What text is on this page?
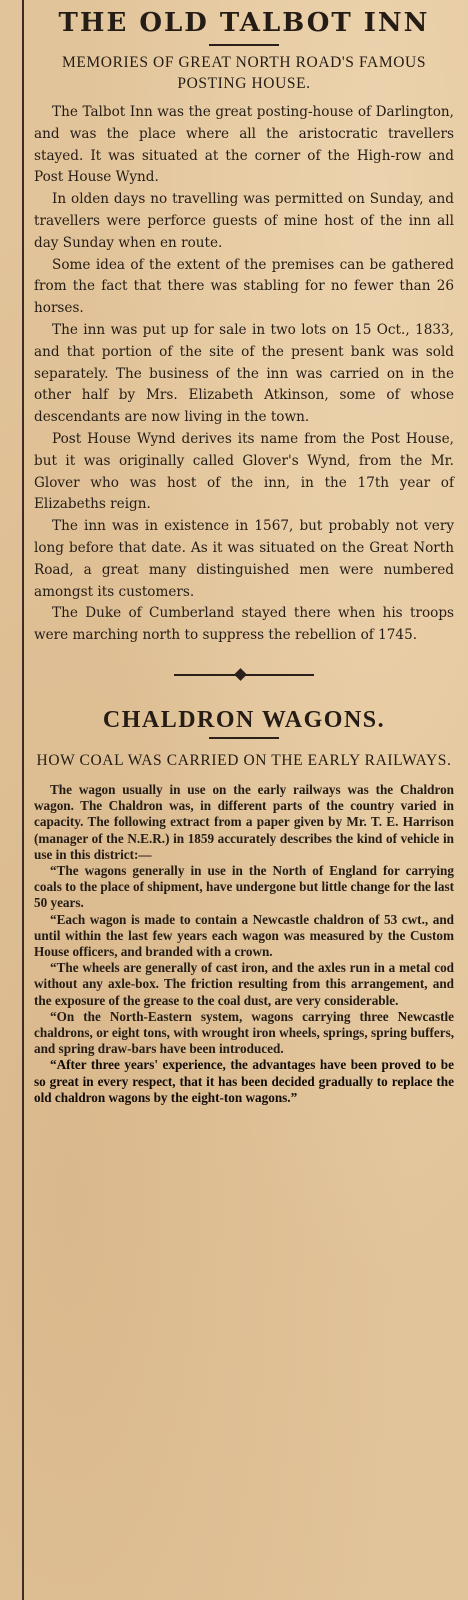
THE OLD TALBOT INN
MEMORIES OF GREAT NORTH ROAD'S FAMOUS POSTING HOUSE.

The Talbot Inn was the great posting-house of Darlington, and was the place where all the aristocratic travellers stayed. It was situated at the corner of the High-row and Post House Wynd.

In olden days no travelling was permitted on Sunday, and travellers were perforce guests of mine host of the inn all day Sunday when en route.

Some idea of the extent of the premises can be gathered from the fact that there was stabling for no fewer than 26 horses.

The inn was put up for sale in two lots on 15 Oct., 1833, and that portion of the site of the present bank was sold separately. The business of the inn was carried on in the other half by Mrs. Elizabeth Atkinson, some of whose descendants are now living in the town.

Post House Wynd derives its name from the Post House, but it was originally called Glover's Wynd, from the Mr. Glover who was host of the inn, in the 17th year of Elizabeths reign.

The inn was in existence in 1567, but probably not very long before that date. As it was situated on the Great North Road, a great many distinguished men were numbered amongst its customers.

The Duke of Cumberland stayed there when his troops were marching north to suppress the rebellion of 1745.

CHALDRON WAGONS.
HOW COAL WAS CARRIED ON THE EARLY RAILWAYS.

The wagon usually in use on the early railways was the Chaldron wagon. The Chaldron was, in different parts of the country varied in capacity. The following extract from a paper given by Mr. T. E. Harrison (manager of the N.E.R.) in 1859 accurately describes the kind of vehicle in use in this district:—

“The wagons generally in use in the North of England for carrying coals to the place of shipment, have undergone but little change for the last 50 years.

“Each wagon is made to contain a Newcastle chaldron of 53 cwt., and until within the last few years each wagon was measured by the Custom House officers, and branded with a crown.

“The wheels are generally of cast iron, and the axles run in a metal cod without any axle-box. The friction resulting from this arrangement, and the exposure of the grease to the coal dust, are very considerable.

“On the North-Eastern system, wagons carrying three Newcastle chaldrons, or eight tons, with wrought iron wheels, springs, spring buffers, and spring draw-bars have been introduced.

“After three years' experience, the advantages have been proved to be so great in every respect, that it has been decided gradually to replace the old chaldron wagons by the eight-ton wagons.”
